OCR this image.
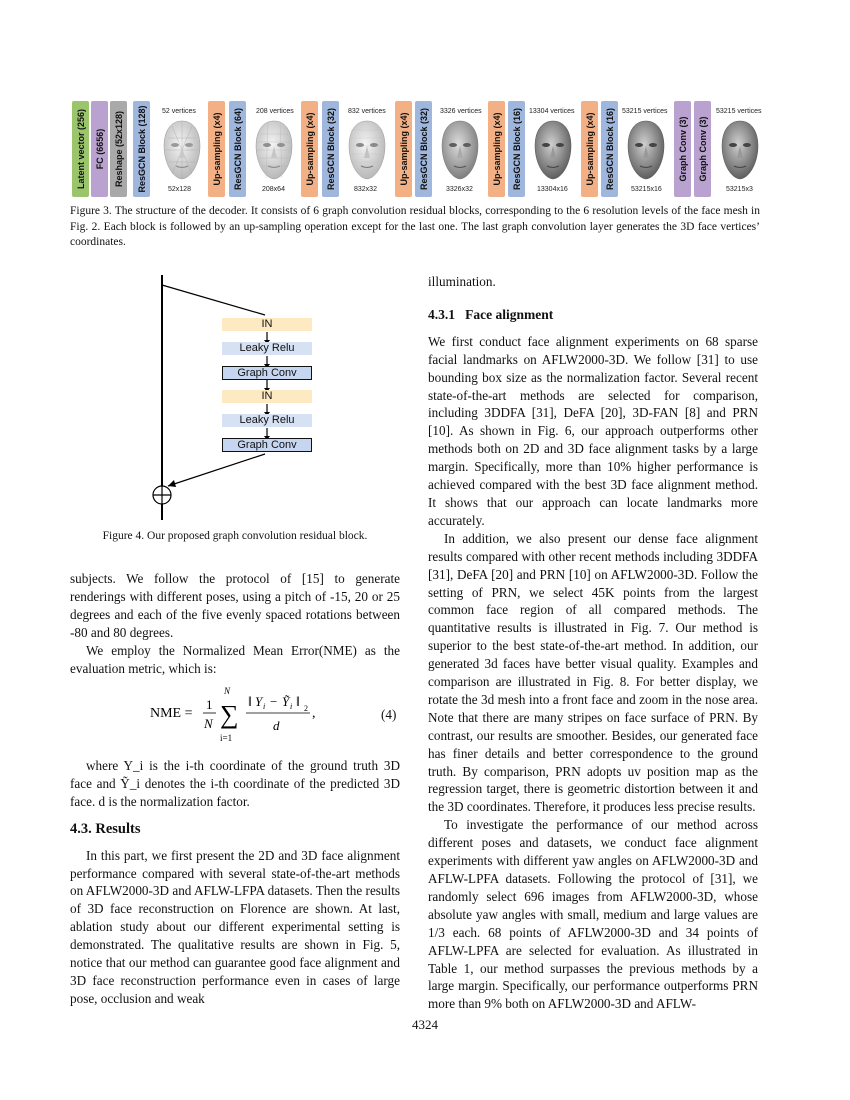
Latent vector (256) FC (6656) Reshape (52x128) ResGCN Block (128)	Up-sampling (x4) ResGCN Block (64)	Up-sampling (x4) ResGCN Block (32)	Up-sampling (x4) ResGCN Block (32)	Up-sampling (x4) ResGCN Block (16)	Up-sampling (x4) ResGCN Block (16)	Graph Conv (3) Graph Conv (3)
52 vertices	208 vertices	832 vertices	3326 vertices	13304 vertices	53215 vertices	53215 vertices
52x128	208x64	832x32	3326x32	13304x16	53215x16	53215x3
Figure 3. The structure of the decoder. It consists of 6 graph convolution residual blocks, corresponding to the 6 resolution levels of the face mesh in Fig. 2. Each block is followed by an up-sampling operation except for the last one. The last graph convolution layer generates the 3D face vertices’ coordinates.
IN
Leaky Relu
Graph Conv
IN
Leaky Relu
Graph Conv
Figure 4. Our proposed graph convolution residual block.

subjects. We follow the protocol of [15] to generate renderings with different poses, using a pitch of -15, 20 or 25 degrees and each of the five evenly spaced rotations between -80 and 80 degrees.

We employ the Normalized Mean Error(NME) as the evaluation metric, which is:

NME =
1
N
N
∑
i=1
‖ Y i − Ỹ i ‖ 2
d
,	(4)

where Y_i is the i-th coordinate of the ground truth 3D face and Ỹ_i denotes the i-th coordinate of the predicted 3D face. d is the normalization factor.

4.3. Results

In this part, we first present the 2D and 3D face alignment performance compared with several state-of-the-art methods on AFLW2000-3D and AFLW-LFPA datasets. Then the results of 3D face reconstruction on Florence are shown. At last, ablation study about our different experimental setting is demonstrated. The qualitative results are shown in Fig. 5, notice that our method can guarantee good face alignment and 3D face reconstruction performance even in cases of large pose, occlusion and weak

illumination.

4.3.1   Face alignment

We first conduct face alignment experiments on 68 sparse facial landmarks on AFLW2000-3D. We follow [31] to use bounding box size as the normalization factor. Several recent state-of-the-art methods are selected for comparison, including 3DDFA [31], DeFA [20], 3D-FAN [8] and PRN [10]. As shown in Fig. 6, our approach outperforms other methods both on 2D and 3D face alignment tasks by a large margin. Specifically, more than 10% higher performance is achieved compared with the best 3D face alignment method. It shows that our approach can locate landmarks more accurately.

In addition, we also present our dense face alignment results compared with other recent methods including 3DDFA [31], DeFA [20] and PRN [10] on AFLW2000-3D. Follow the setting of PRN, we select 45K points from the largest common face region of all compared methods. The quantitative results is illustrated in Fig. 7. Our method is superior to the best state-of-the-art method. In addition, our generated 3d faces have better visual quality. Examples and comparison are illustrated in Fig. 8. For better display, we rotate the 3d mesh into a front face and zoom in the nose area. Note that there are many stripes on face surface of PRN. By contrast, our results are smoother. Besides, our generated face has finer details and better correspondence to the ground truth. By comparison, PRN adopts uv position map as the regression target, there is geometric distortion between it and the 3D coordinates. Therefore, it produces less precise results.

To investigate the performance of our method across different poses and datasets, we conduct face alignment experiments with different yaw angles on AFLW2000-3D and AFLW-LPFA datasets. Following the protocol of [31], we randomly select 696 images from AFLW2000-3D, whose absolute yaw angles with small, medium and large values are 1/3 each. 68 points of AFLW2000-3D and 34 points of AFLW-LPFA are selected for evaluation. As illustrated in Table 1, our method surpasses the previous methods by a large margin. Specifically, our performance outperforms PRN more than 9% both on AFLW2000-3D and AFLW-

4324
